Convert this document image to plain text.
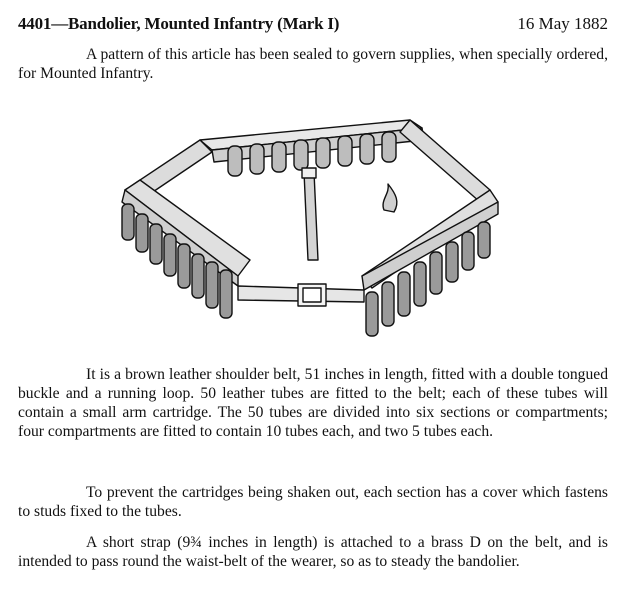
4401—Bandolier, Mounted Infantry (Mark I)	16 May 1882

A pattern of this article has been sealed to govern supplies, when specially ordered, for Mounted Infantry.

It is a brown leather shoulder belt, 51 inches in length, fitted with a double tongued buckle and a running loop. 50 leather tubes are fitted to the belt; each of these tubes will contain a small arm cartridge. The 50 tubes are divided into six sections or compartments; four compartments are fitted to contain 10 tubes each, and two 5 tubes each.

To prevent the cartridges being shaken out, each section has a cover which fastens to studs fixed to the tubes.

A short strap (9¾ inches in length) is attached to a brass D on the belt, and is intended to pass round the waist-belt of the wearer, so as to steady the bandolier.
